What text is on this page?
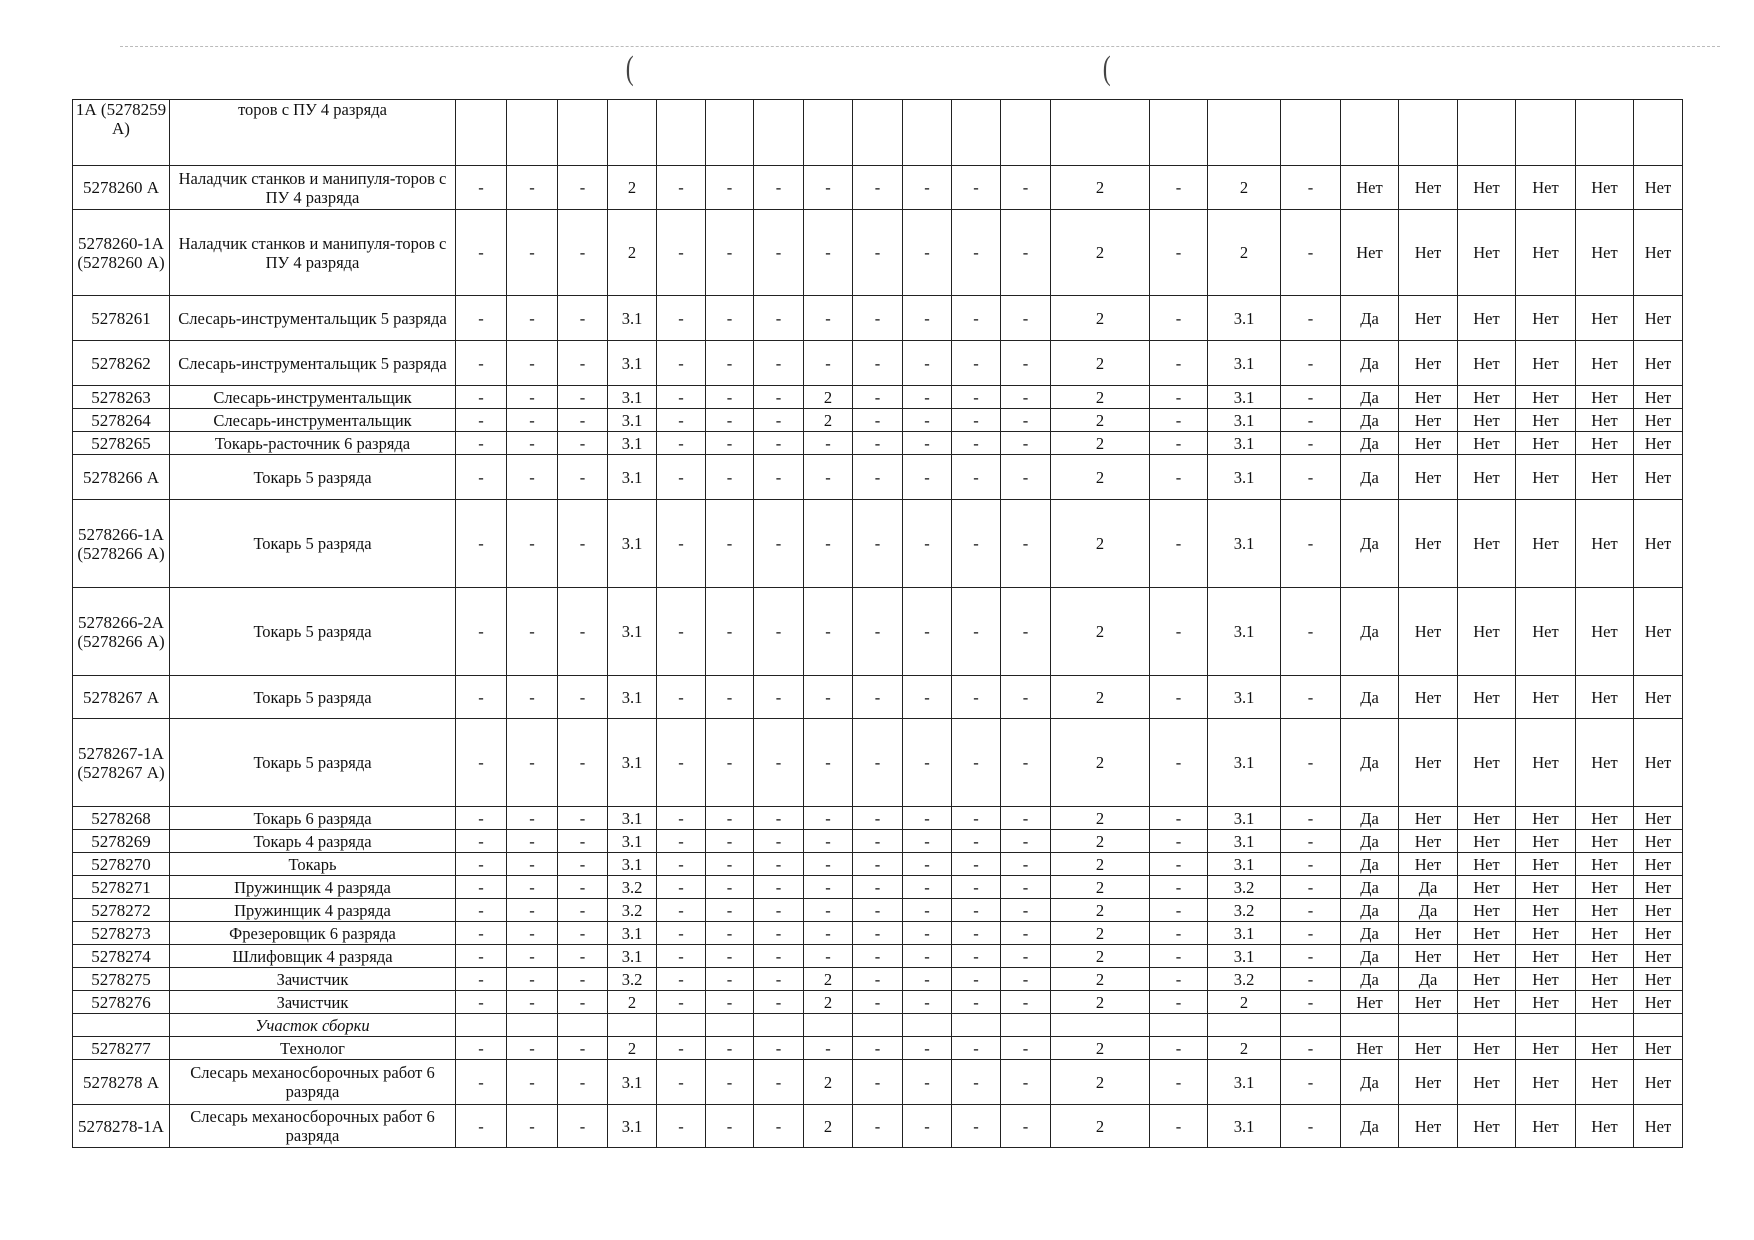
(	(
1А (5278259 А)	торов с ПУ 4 разряда																						
5278260 А	Наладчик станков и манипуля-торов с ПУ 4 разряда	-	-	-	2	-	-	-	-	-	-	-	-	2	-	2	-	Нет	Нет	Нет	Нет	Нет	Нет
5278260-1А (5278260 А)	Наладчик станков и манипуля-торов с ПУ 4 разряда	-	-	-	2	-	-	-	-	-	-	-	-	2	-	2	-	Нет	Нет	Нет	Нет	Нет	Нет
5278261	Слесарь-инструментальщик 5 разряда	-	-	-	3.1	-	-	-	-	-	-	-	-	2	-	3.1	-	Да	Нет	Нет	Нет	Нет	Нет
5278262	Слесарь-инструментальщик 5 разряда	-	-	-	3.1	-	-	-	-	-	-	-	-	2	-	3.1	-	Да	Нет	Нет	Нет	Нет	Нет
5278263	Слесарь-инструментальщик	-	-	-	3.1	-	-	-	2	-	-	-	-	2	-	3.1	-	Да	Нет	Нет	Нет	Нет	Нет
5278264	Слесарь-инструментальщик	-	-	-	3.1	-	-	-	2	-	-	-	-	2	-	3.1	-	Да	Нет	Нет	Нет	Нет	Нет
5278265	Токарь-расточник 6 разряда	-	-	-	3.1	-	-	-	-	-	-	-	-	2	-	3.1	-	Да	Нет	Нет	Нет	Нет	Нет
5278266 А	Токарь 5 разряда	-	-	-	3.1	-	-	-	-	-	-	-	-	2	-	3.1	-	Да	Нет	Нет	Нет	Нет	Нет
5278266-1А (5278266 А)	Токарь 5 разряда	-	-	-	3.1	-	-	-	-	-	-	-	-	2	-	3.1	-	Да	Нет	Нет	Нет	Нет	Нет
5278266-2А (5278266 А)	Токарь 5 разряда	-	-	-	3.1	-	-	-	-	-	-	-	-	2	-	3.1	-	Да	Нет	Нет	Нет	Нет	Нет
5278267 А	Токарь 5 разряда	-	-	-	3.1	-	-	-	-	-	-	-	-	2	-	3.1	-	Да	Нет	Нет	Нет	Нет	Нет
5278267-1А (5278267 А)	Токарь 5 разряда	-	-	-	3.1	-	-	-	-	-	-	-	-	2	-	3.1	-	Да	Нет	Нет	Нет	Нет	Нет
5278268	Токарь 6 разряда	-	-	-	3.1	-	-	-	-	-	-	-	-	2	-	3.1	-	Да	Нет	Нет	Нет	Нет	Нет
5278269	Токарь 4 разряда	-	-	-	3.1	-	-	-	-	-	-	-	-	2	-	3.1	-	Да	Нет	Нет	Нет	Нет	Нет
5278270	Токарь	-	-	-	3.1	-	-	-	-	-	-	-	-	2	-	3.1	-	Да	Нет	Нет	Нет	Нет	Нет
5278271	Пружинщик 4 разряда	-	-	-	3.2	-	-	-	-	-	-	-	-	2	-	3.2	-	Да	Да	Нет	Нет	Нет	Нет
5278272	Пружинщик 4 разряда	-	-	-	3.2	-	-	-	-	-	-	-	-	2	-	3.2	-	Да	Да	Нет	Нет	Нет	Нет
5278273	Фрезеровщик 6 разряда	-	-	-	3.1	-	-	-	-	-	-	-	-	2	-	3.1	-	Да	Нет	Нет	Нет	Нет	Нет
5278274	Шлифовщик 4 разряда	-	-	-	3.1	-	-	-	-	-	-	-	-	2	-	3.1	-	Да	Нет	Нет	Нет	Нет	Нет
5278275	Зачистчик	-	-	-	3.2	-	-	-	2	-	-	-	-	2	-	3.2	-	Да	Да	Нет	Нет	Нет	Нет
5278276	Зачистчик	-	-	-	2	-	-	-	2	-	-	-	-	2	-	2	-	Нет	Нет	Нет	Нет	Нет	Нет
	Участок сборки																						
5278277	Технолог	-	-	-	2	-	-	-	-	-	-	-	-	2	-	2	-	Нет	Нет	Нет	Нет	Нет	Нет
5278278 А	Слесарь механосборочных работ 6 разряда	-	-	-	3.1	-	-	-	2	-	-	-	-	2	-	3.1	-	Да	Нет	Нет	Нет	Нет	Нет
5278278-1А	Слесарь механосборочных работ 6 разряда	-	-	-	3.1	-	-	-	2	-	-	-	-	2	-	3.1	-	Да	Нет	Нет	Нет	Нет	Нет
